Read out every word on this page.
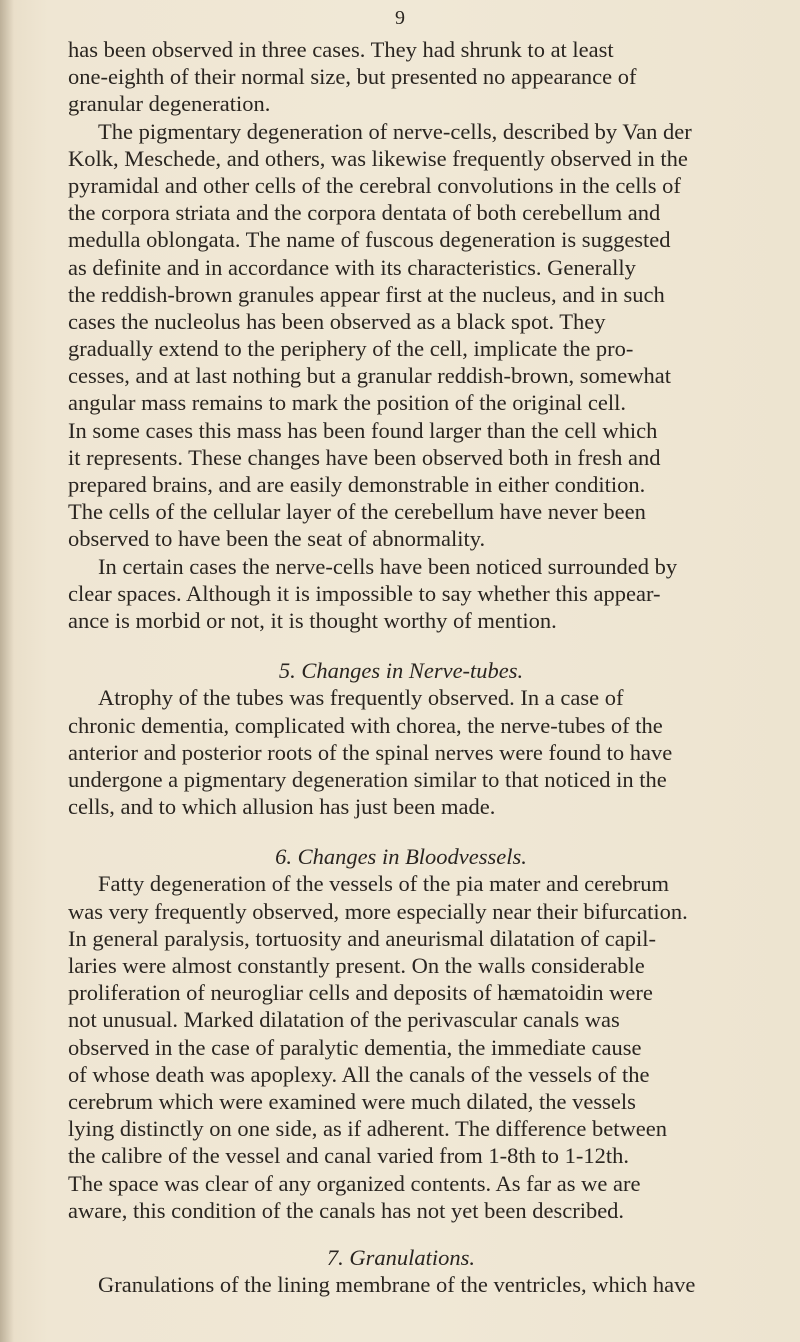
9
has been observed in three cases. They had shrunk to at least
one-eighth of their normal size, but presented no appearance of
granular degeneration.
The pigmentary degeneration of nerve-cells, described by Van der
Kolk, Meschede, and others, was likewise frequently observed in the
pyramidal and other cells of the cerebral convolutions in the cells of
the corpora striata and the corpora dentata of both cerebellum and
medulla oblongata. The name of fuscous degeneration is suggested
as definite and in accordance with its characteristics. Generally
the reddish-brown granules appear first at the nucleus, and in such
cases the nucleolus has been observed as a black spot. They
gradually extend to the periphery of the cell, implicate the pro-
cesses, and at last nothing but a granular reddish-brown, somewhat
angular mass remains to mark the position of the original cell.
In some cases this mass has been found larger than the cell which
it represents. These changes have been observed both in fresh and
prepared brains, and are easily demonstrable in either condition.
The cells of the cellular layer of the cerebellum have never been
observed to have been the seat of abnormality.
In certain cases the nerve-cells have been noticed surrounded by
clear spaces. Although it is impossible to say whether this appear-
ance is morbid or not, it is thought worthy of mention.
5. Changes in Nerve-tubes.
Atrophy of the tubes was frequently observed. In a case of
chronic dementia, complicated with chorea, the nerve-tubes of the
anterior and posterior roots of the spinal nerves were found to have
undergone a pigmentary degeneration similar to that noticed in the
cells, and to which allusion has just been made.
6. Changes in Bloodvessels.
Fatty degeneration of the vessels of the pia mater and cerebrum
was very frequently observed, more especially near their bifurcation.
In general paralysis, tortuosity and aneurismal dilatation of capil-
laries were almost constantly present. On the walls considerable
proliferation of neurogliar cells and deposits of hæmatoidin were
not unusual. Marked dilatation of the perivascular canals was
observed in the case of paralytic dementia, the immediate cause
of whose death was apoplexy. All the canals of the vessels of the
cerebrum which were examined were much dilated, the vessels
lying distinctly on one side, as if adherent. The difference between
the calibre of the vessel and canal varied from 1-8th to 1-12th.
The space was clear of any organized contents. As far as we are
aware, this condition of the canals has not yet been described.
7. Granulations.
Granulations of the lining membrane of the ventricles, which have
